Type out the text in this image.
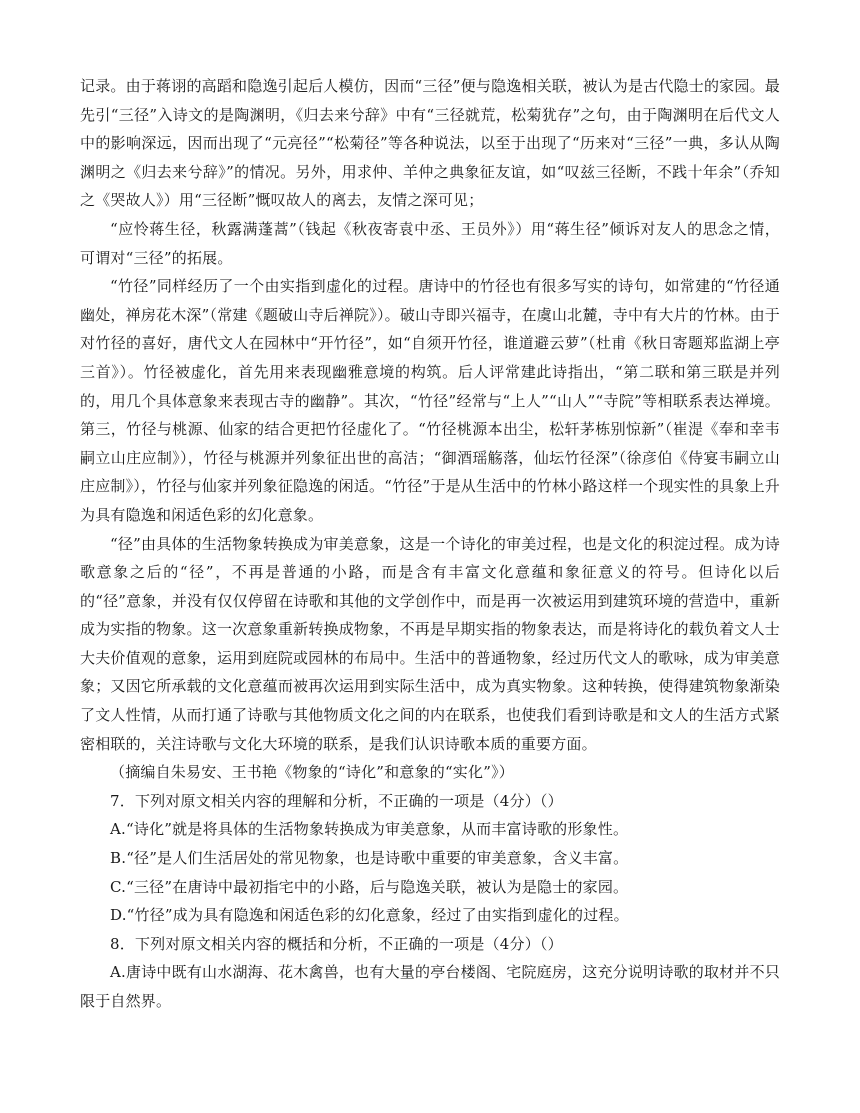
记录。由于蒋诩的高蹈和隐逸引起后人模仿，因而“三径”便与隐逸相关联，被认为是古代隐士的家园。最先引“三径”入诗文的是陶渊明，《归去来兮辞》中有“三径就荒，松菊犹存”之句，由于陶渊明在后代文人中的影响深远，因而出现了“元亮径”“松菊径”等各种说法，以至于出现了“历来对“三径”一典，多认从陶渊明之《归去来兮辞》”的情况。另外，用求仲、羊仲之典象征友谊，如“叹兹三径断，不践十年余”（乔知之《哭故人》）用“三径断”慨叹故人的离去，友情之深可见；

“应怜蒋生径，秋露满蓬蒿”（钱起《秋夜寄袁中丞、王员外》）用“蒋生径”倾诉对友人的思念之情，可谓对“三径”的拓展。

“竹径”同样经历了一个由实指到虚化的过程。唐诗中的竹径也有很多写实的诗句，如常建的“竹径通幽处，禅房花木深”（常建《题破山寺后禅院》）。破山寺即兴福寺，在虞山北麓，寺中有大片的竹林。由于对竹径的喜好，唐代文人在园林中“开竹径”，如“自须开竹径，谁道避云萝”（杜甫《秋日寄题郑监湖上亭三首》）。竹径被虚化，首先用来表现幽雅意境的构筑。后人评常建此诗指出，“第二联和第三联是并列的，用几个具体意象来表现古寺的幽静”。其次，“竹径”经常与“上人”“山人”“寺院”等相联系表达禅境。第三，竹径与桃源、仙家的结合更把竹径虚化了。“竹径桃源本出尘，松轩茅栋别惊新”（崔湜《奉和幸韦嗣立山庄应制》），竹径与桃源并列象征出世的高洁；“御酒瑶觞落，仙坛竹径深”（徐彦伯《侍宴韦嗣立山庄应制》），竹径与仙家并列象征隐逸的闲适。“竹径”于是从生活中的竹林小路这样一个现实性的具象上升为具有隐逸和闲适色彩的幻化意象。

“径”由具体的生活物象转换成为审美意象，这是一个诗化的审美过程，也是文化的积淀过程。成为诗歌意象之后的“径”，不再是普通的小路，而是含有丰富文化意蕴和象征意义的符号。但诗化以后的“径”意象，并没有仅仅停留在诗歌和其他的文学创作中，而是再一次被运用到建筑环境的营造中，重新成为实指的物象。这一次意象重新转换成物象，不再是早期实指的物象表达，而是将诗化的载负着文人士大夫价值观的意象，运用到庭院或园林的布局中。生活中的普通物象，经过历代文人的歌咏，成为审美意象；又因它所承载的文化意蕴而被再次运用到实际生活中，成为真实物象。这种转换，使得建筑物象渐染了文人性情，从而打通了诗歌与其他物质文化之间的内在联系，也使我们看到诗歌是和文人的生活方式紧密相联的，关注诗歌与文化大环境的联系，是我们认识诗歌本质的重要方面。

（摘编自朱易安、王书艳《物象的“诗化”和意象的“实化”》）

7．下列对原文相关内容的理解和分析，不正确的一项是（4分）（）

A.“诗化”就是将具体的生活物象转换成为审美意象，从而丰富诗歌的形象性。

B.“径”是人们生活居处的常见物象，也是诗歌中重要的审美意象，含义丰富。

C.“三径”在唐诗中最初指宅中的小路，后与隐逸关联，被认为是隐士的家园。

D.“竹径”成为具有隐逸和闲适色彩的幻化意象，经过了由实指到虚化的过程。

8．下列对原文相关内容的概括和分析，不正确的一项是（4分）（）

A.唐诗中既有山水湖海、花木禽兽，也有大量的亭台楼阁、宅院庭房，这充分说明诗歌的取材并不只限于自然界。
